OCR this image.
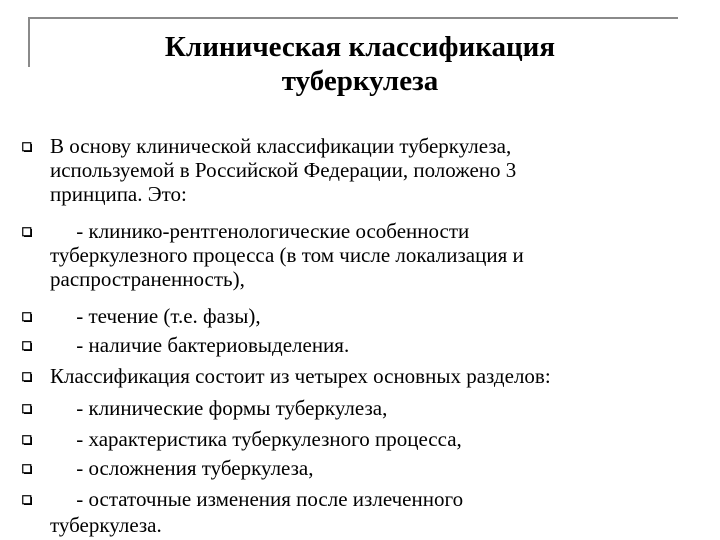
Клиническая классификация
туберкулеза
В основу клинической классификации туберкулеза,
используемой в Российской Федерации, положено 3
принципа. Это:
- клинико-рентгенологические особенности
туберкулезного процесса (в том числе локализация и
распространенность),
- течение (т.е. фазы),
- наличие бактериовыделения.
Классификация состоит из четырех основных разделов:
- клинические формы туберкулеза,
- характеристика туберкулезного процесса,
- осложнения туберкулеза,
- остаточные изменения после излеченного
туберкулеза.
